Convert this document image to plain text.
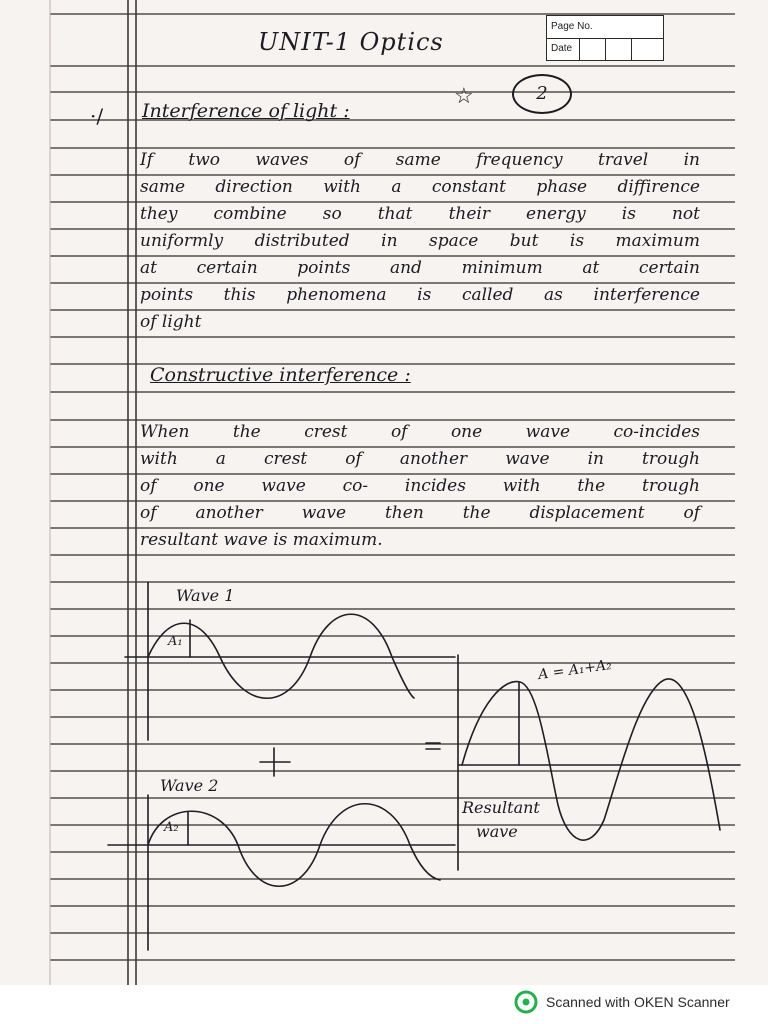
Page No.
Date

UNIT-1 Optics

☆	2

·/ Interference of light :

If two waves of same frequency travel in

same direction with a constant phase diffirence

they combine so that their energy is not

uniformly distributed in space but is maximum

at certain points and minimum at certain

points this phenomena is called as interference

of light

Constructive interference :

When the crest of one wave co-incides

with a crest of another wave in trough

of one wave co- incides with the trough

of another wave then the displacement of

resultant wave is maximum.

Wave 1

A₁

Wave 2

A₂

A = A₁+A₂

Resultant

wave

Scanned with OKEN Scanner
